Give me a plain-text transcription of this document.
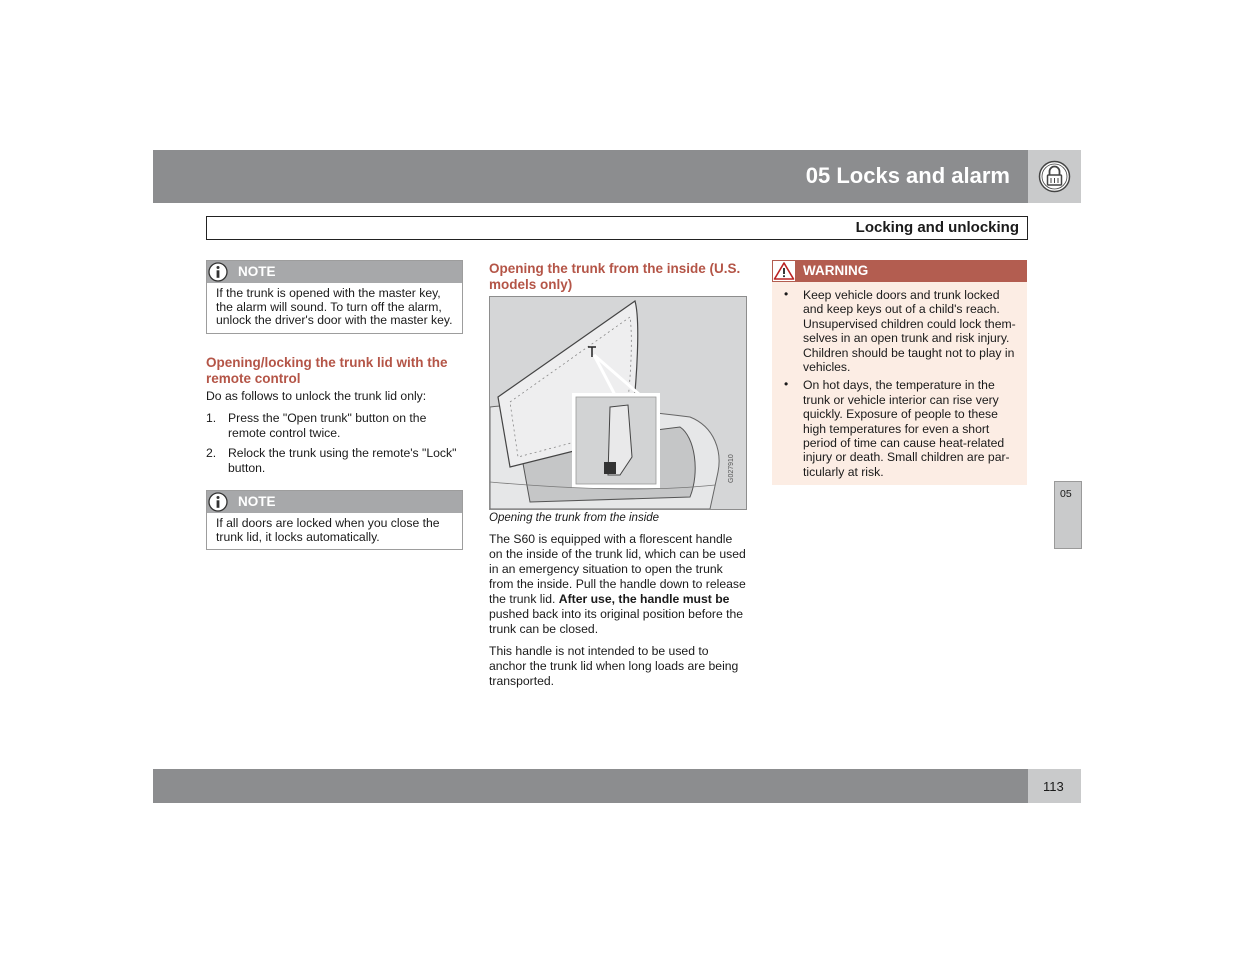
05 Locks and alarm
Locking and unlocking
NOTE
If the trunk is opened with the master key,
the alarm will sound. To turn off the alarm,
unlock the driver's door with the master key.
Opening/locking the trunk lid with the
remote control
Do as follows to unlock the trunk lid only:
1. Press the "Open trunk" button on the
remote control twice.
2. Relock the trunk using the remote's "Lock"
button.
NOTE
If all doors are locked when you close the
trunk lid, it locks automatically.
Opening the trunk from the inside (U.S.
models only)
G027910
Opening the trunk from the inside
The S60 is equipped with a florescent handle
on the inside of the trunk lid, which can be used
in an emergency situation to open the trunk
from the inside. Pull the handle down to release
the trunk lid. After use, the handle must be
pushed back into its original position before the
trunk can be closed.
This handle is not intended to be used to
anchor the trunk lid when long loads are being
transported.
WARNING
• Keep vehicle doors and trunk locked
and keep keys out of a child's reach.
Unsupervised children could lock them-
selves in an open trunk and risk injury.
Children should be taught not to play in
vehicles.
• On hot days, the temperature in the
trunk or vehicle interior can rise very
quickly. Exposure of people to these
high temperatures for even a short
period of time can cause heat-related
injury or death. Small children are par-
ticularly at risk.
05
113
